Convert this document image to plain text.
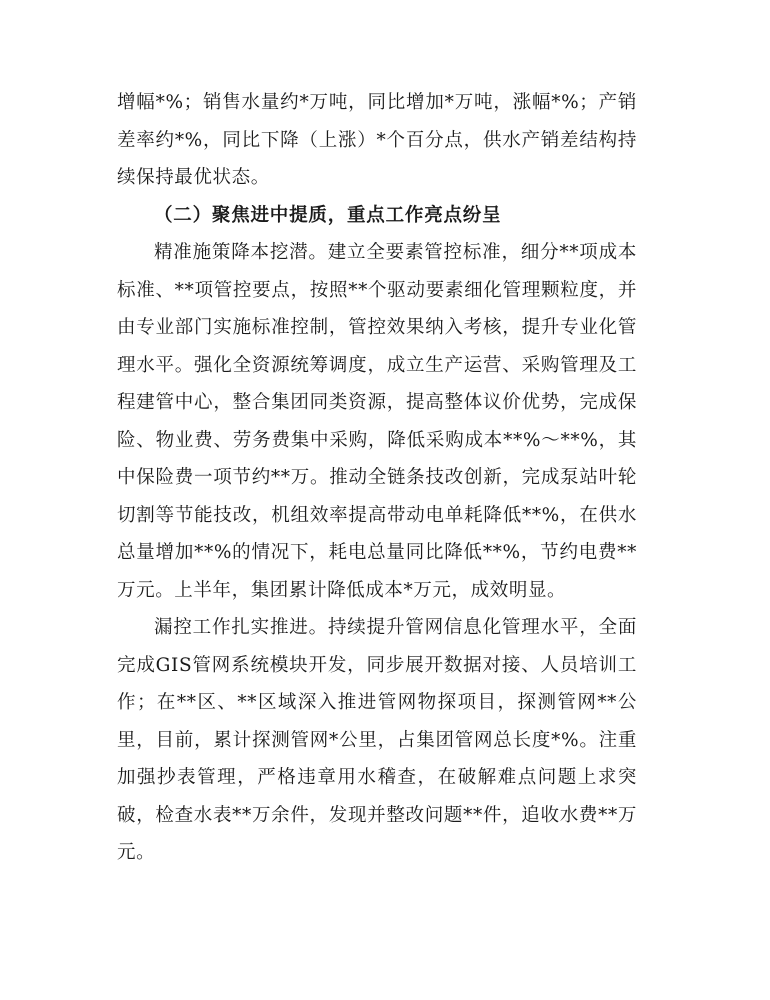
增幅*%；销售水量约*万吨，同比增加*万吨，涨幅*%；产销差率约*%，同比下降（上涨）*个百分点，供水产销差结构持续保持最优状态。

（二）聚焦进中提质，重点工作亮点纷呈

精准施策降本挖潜。建立全要素管控标准，细分**项成本标准、**项管控要点，按照**个驱动要素细化管理颗粒度，并由专业部门实施标准控制，管控效果纳入考核，提升专业化管理水平。强化全资源统筹调度，成立生产运营、采购管理及工程建管中心，整合集团同类资源，提高整体议价优势，完成保险、物业费、劳务费集中采购，降低采购成本**%～**%，其中保险费一项节约**万。推动全链条技改创新，完成泵站叶轮切割等节能技改，机组效率提高带动电单耗降低**%，在供水总量增加**%的情况下，耗电总量同比降低**%，节约电费**万元。上半年，集团累计降低成本*万元，成效明显。

漏控工作扎实推进。持续提升管网信息化管理水平，全面完成GIS管网系统模块开发，同步展开数据对接、人员培训工作；在**区、**区域深入推进管网物探项目，探测管网**公里，目前，累计探测管网*公里，占集团管网总长度*%。注重加强抄表管理，严格违章用水稽查，在破解难点问题上求突破，检查水表**万余件，发现并整改问题**件，追收水费**万元。
